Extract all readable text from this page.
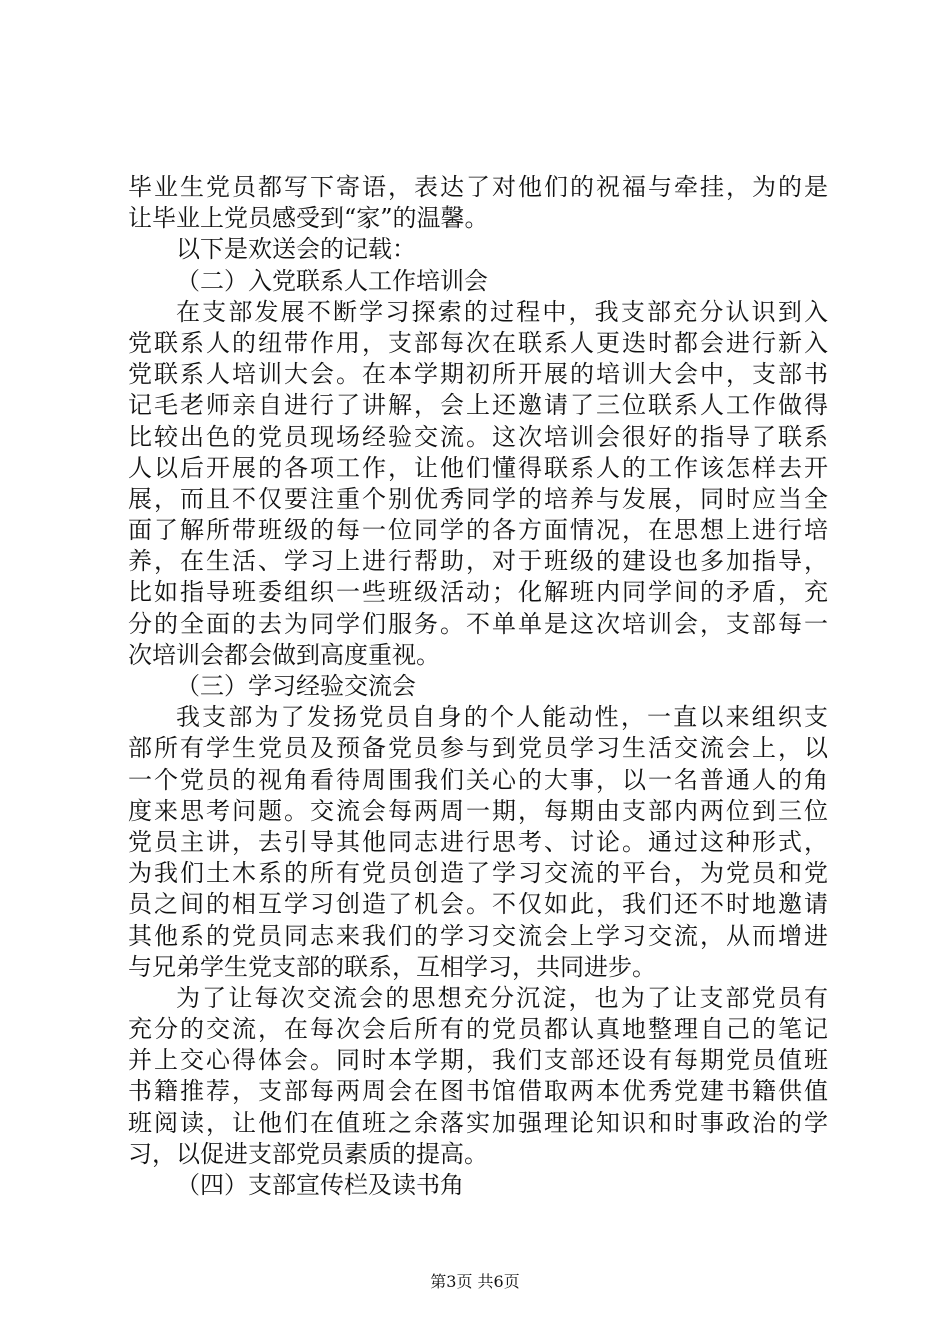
毕业生党员都写下寄语，表达了对他们的祝福与牵挂，为的是
让毕业上党员感受到“家”的温馨。
以下是欢送会的记载：
（二）入党联系人工作培训会
在支部发展不断学习探索的过程中，我支部充分认识到入
党联系人的纽带作用，支部每次在联系人更迭时都会进行新入
党联系人培训大会。在本学期初所开展的培训大会中，支部书
记毛老师亲自进行了讲解，会上还邀请了三位联系人工作做得
比较出色的党员现场经验交流。这次培训会很好的指导了联系
人以后开展的各项工作，让他们懂得联系人的工作该怎样去开
展，而且不仅要注重个别优秀同学的培养与发展，同时应当全
面了解所带班级的每一位同学的各方面情况，在思想上进行培
养，在生活、学习上进行帮助，对于班级的建设也多加指导，
比如指导班委组织一些班级活动；化解班内同学间的矛盾，充
分的全面的去为同学们服务。不单单是这次培训会，支部每一
次培训会都会做到高度重视。
（三）学习经验交流会
我支部为了发扬党员自身的个人能动性，一直以来组织支
部所有学生党员及预备党员参与到党员学习生活交流会上，以
一个党员的视角看待周围我们关心的大事，以一名普通人的角
度来思考问题。交流会每两周一期，每期由支部内两位到三位
党员主讲，去引导其他同志进行思考、讨论。通过这种形式，
为我们土木系的所有党员创造了学习交流的平台，为党员和党
员之间的相互学习创造了机会。不仅如此，我们还不时地邀请
其他系的党员同志来我们的学习交流会上学习交流，从而增进
与兄弟学生党支部的联系，互相学习，共同进步。
为了让每次交流会的思想充分沉淀，也为了让支部党员有
充分的交流，在每次会后所有的党员都认真地整理自己的笔记
并上交心得体会。同时本学期，我们支部还设有每期党员值班
书籍推荐，支部每两周会在图书馆借取两本优秀党建书籍供值
班阅读，让他们在值班之余落实加强理论知识和时事政治的学
习，以促进支部党员素质的提高。
（四）支部宣传栏及读书角
第3页 共6页
